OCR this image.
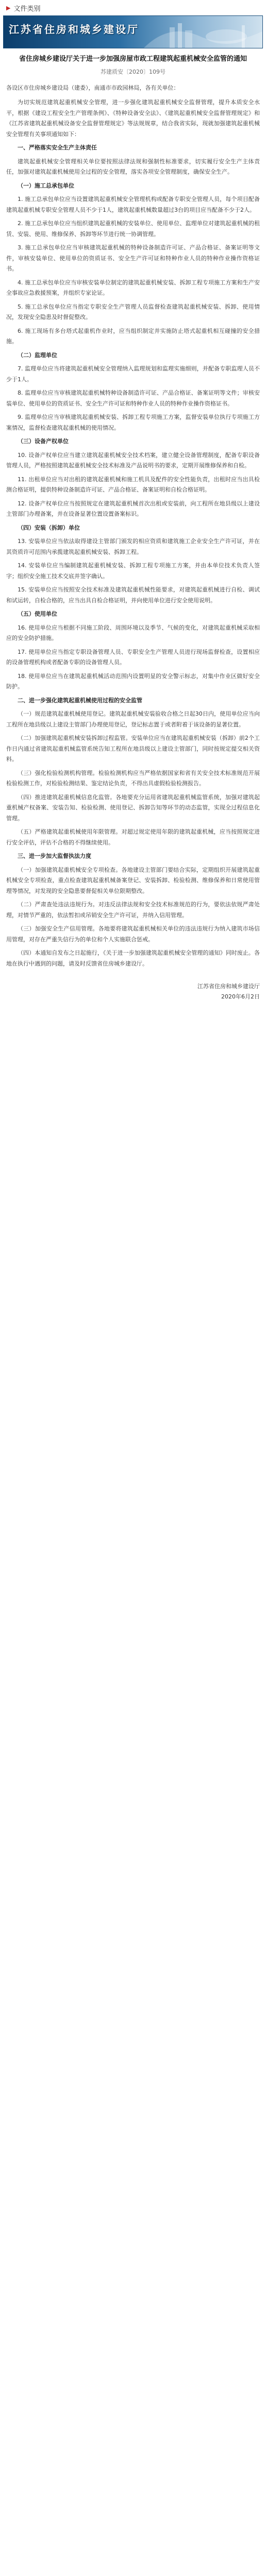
▶ 文件类别
江苏省住房和城乡建设厅
省住房城乡建设厅关于进一步加强房屋市政工程建筑起重机械安全监管的通知
苏建质安〔2020〕109号
各设区市住房城乡建设局（建委），南通市市政园林局，各有关单位：

为切实规范建筑起重机械安全管理，进一步强化建筑起重机械安全监督管理，提升本质安全水平，根据《建设工程安全生产管理条例》、《特种设备安全法》、《建筑起重机械安全监督管理规定》和《江苏省建筑起重机械设备安全监督管理规定》等法规规章，结合我省实际，现就加强建筑起重机械安全管理有关事项通知如下：

一、严格落实安全生产主体责任

建筑起重机械安全管理相关单位要按照法律法规和强制性标准要求，切实履行安全生产主体责任，加强对建筑起重机械使用全过程的安全管理，落实各项安全管理制度，确保安全生产。

（一）施工总承包单位

1. 施工总承包单位应当设置建筑起重机械安全管理机构或配备专职安全管理人员，每个项目配备建筑起重机械专职安全管理人员不少于1人，建筑起重机械数量超过3台的项目应当配备不少于2人。

2. 施工总承包单位应当组织建筑起重机械的安装单位、使用单位、监理单位对建筑起重机械的租赁、安装、使用、维修保养、拆卸等环节进行统一协调管理。

3. 施工总承包单位应当审核建筑起重机械的特种设备制造许可证、产品合格证、备案证明等文件，审核安装单位、使用单位的资质证书、安全生产许可证和特种作业人员的特种作业操作资格证书。

4. 施工总承包单位应当审核安装单位制定的建筑起重机械安装、拆卸工程专项施工方案和生产安全事故应急救援预案，并组织专家论证。

5. 施工总承包单位应当指定专职安全生产管理人员监督检查建筑起重机械安装、拆卸、使用情况，发现安全隐患及时督促整改。

6. 施工现场有多台塔式起重机作业时，应当组织制定并实施防止塔式起重机相互碰撞的安全措施。

（二）监理单位

7. 监理单位应当将建筑起重机械安全管理纳入监理规划和监理实施细则，并配备专职监理人员不少于1人。

8. 监理单位应当审核建筑起重机械特种设备制造许可证、产品合格证、备案证明等文件；审核安装单位、使用单位的资质证书、安全生产许可证和特种作业人员的特种作业操作资格证书。

9. 监理单位应当审核建筑起重机械安装、拆卸工程专项施工方案，监督安装单位执行专项施工方案情况，监督检查建筑起重机械的使用情况。

（三）设备产权单位

10. 设备产权单位应当建立建筑起重机械安全技术档案，建立健全设备管理制度，配备专职设备管理人员，严格按照建筑起重机械安全技术标准及产品说明书的要求，定期开展维修保养和自检。

11. 出租单位应当对出租的建筑起重机械和施工机具及配件的安全性能负责，出租时应当出具检测合格证明，提供特种设备制造许可证、产品合格证、备案证明和自检合格证明。

12. 设备产权单位应当按照规定在建筑起重机械首次出租或安装前，向工程所在地县级以上建设主管部门办理备案，并在设备显著位置设置备案标识。

（四）安装（拆卸）单位

13. 安装单位应当依法取得建设主管部门颁发的相应资质和建筑施工企业安全生产许可证，并在其资质许可范围内承揽建筑起重机械安装、拆卸工程。

14. 安装单位应当编制建筑起重机械安装、拆卸工程专项施工方案，并由本单位技术负责人签字；组织安全施工技术交底并签字确认。

15. 安装单位应当按照安全技术标准及建筑起重机械性能要求，对建筑起重机械进行自检、调试和试运转，自检合格的，应当出具自检合格证明，并向使用单位进行安全使用说明。

（五）使用单位

16. 使用单位应当根据不同施工阶段、周围环境以及季节、气候的变化，对建筑起重机械采取相应的安全防护措施。

17. 使用单位应当指定专职设备管理人员、专职安全生产管理人员进行现场监督检查，设置相应的设备管理机构或者配备专职的设备管理人员。

18. 使用单位应当在建筑起重机械活动范围内设置明显的安全警示标志，对集中作业区做好安全防护。

二、进一步强化建筑起重机械使用过程的安全监管

（一）规范建筑起重机械使用登记。建筑起重机械安装验收合格之日起30日内，使用单位应当向工程所在地县级以上建设主管部门办理使用登记，登记标志置于或者附着于该设备的显著位置。

（二）加强建筑起重机械安装拆卸过程监管。安装单位应当在建筑起重机械安装（拆卸）前2个工作日内通过省建筑起重机械监管系统告知工程所在地县级以上建设主管部门，同时按规定提交相关资料。

（三）强化检验检测机构管理。检验检测机构应当严格依据国家和省有关安全技术标准规范开展检验检测工作，对检验检测结果、鉴定结论负责，不得出具虚假检验检测报告。

（四）推进建筑起重机械信息化监管。各地要充分运用省建筑起重机械监管系统，加强对建筑起重机械产权备案、安装告知、检验检测、使用登记、拆卸告知等环节的动态监管，实现全过程信息化管理。

（五）严格建筑起重机械使用年限管理。对超过规定使用年限的建筑起重机械，应当按照规定进行安全评估，评估不合格的不得继续使用。

三、进一步加大监督执法力度

（一）加强建筑起重机械安全专项检查。各地建设主管部门要结合实际，定期组织开展建筑起重机械安全专项检查，重点检查建筑起重机械备案登记、安装拆卸、检验检测、维修保养和日常使用管理等情况，对发现的安全隐患要督促相关单位限期整改。

（二）严肃查处违法违规行为。对违反法律法规和安全技术标准规范的行为，要依法依规严肃处理，对情节严重的，依法暂扣或吊销安全生产许可证，并纳入信用管理。

（三）加强安全生产信用管理。各地要将建筑起重机械相关单位的违法违规行为纳入建筑市场信用管理，对存在严重失信行为的单位和个人实施联合惩戒。

（四）本通知自发布之日起施行，《关于进一步加强建筑起重机械安全管理的通知》同时废止。各地在执行中遇到的问题，请及时反馈省住房城乡建设厅。

江苏省住房和城乡建设厅
2020年6月2日
